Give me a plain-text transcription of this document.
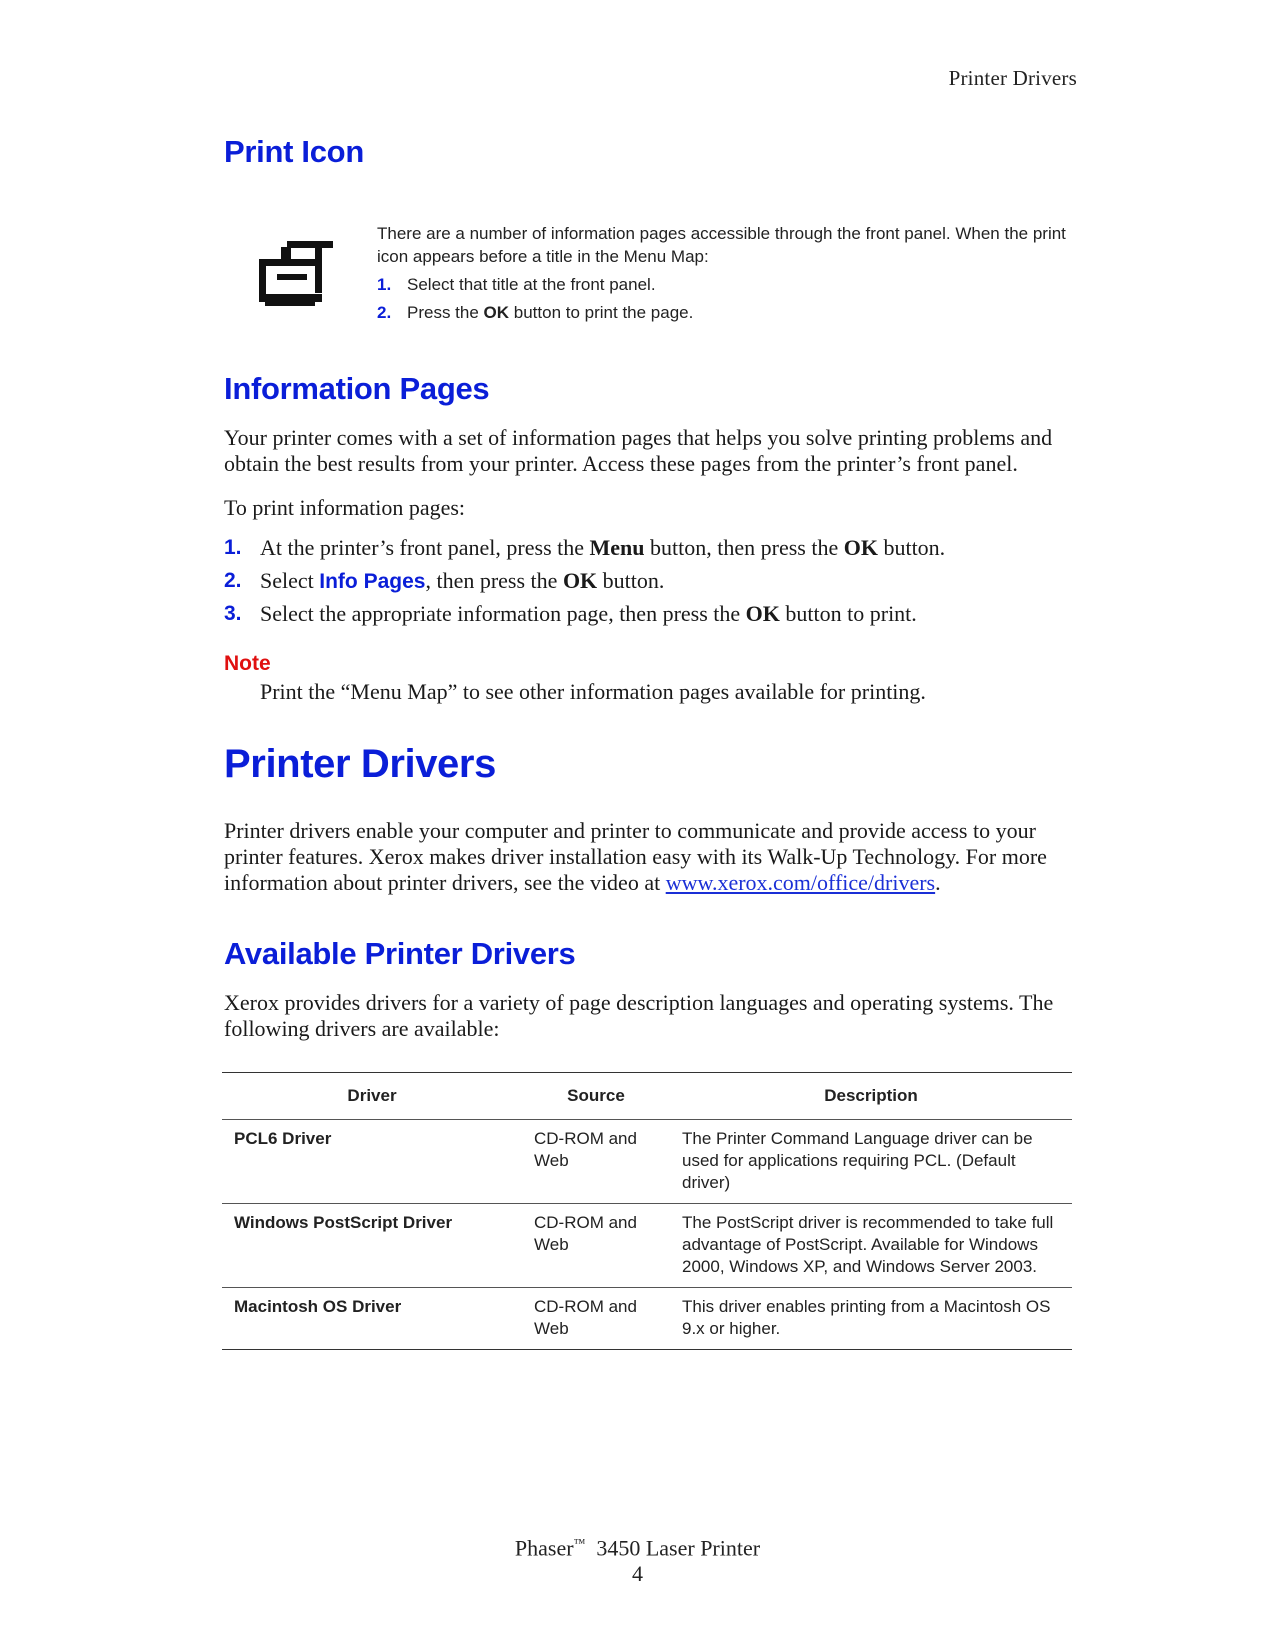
Printer Drivers
Print Icon

There are a number of information pages accessible through the front panel. When the print icon appears before a title in the Menu Map:

1. Select that title at the front panel.

2. Press the OK button to print the page.

Information Pages

Your printer comes with a set of information pages that helps you solve printing problems and obtain the best results from your printer. Access these pages from the printer’s front panel.

To print information pages:

1. At the printer’s front panel, press the Menu button, then press the OK button.
2. Select Info Pages, then press the OK button.
3. Select the appropriate information page, then press the OK button to print.
Note
Print the “Menu Map” to see other information pages available for printing.
Printer Drivers

Printer drivers enable your computer and printer to communicate and provide access to your printer features. Xerox makes driver installation easy with its Walk-Up Technology. For more information about printer drivers, see the video at www.xerox.com/office/drivers.

Available Printer Drivers

Xerox provides drivers for a variety of page description languages and operating systems. The following drivers are available:

Driver	Source	Description
PCL6 Driver	CD-ROM and Web	The Printer Command Language driver can be used for applications requiring PCL. (Default driver)
Windows PostScript Driver	CD-ROM and Web	The PostScript driver is recommended to take full advantage of PostScript. Available for Windows 2000, Windows XP, and Windows Server 2003.
Macintosh OS Driver	CD-ROM and Web	This driver enables printing from a Macintosh OS 9.x or higher.
Phaser™ 3450 Laser Printer
4
